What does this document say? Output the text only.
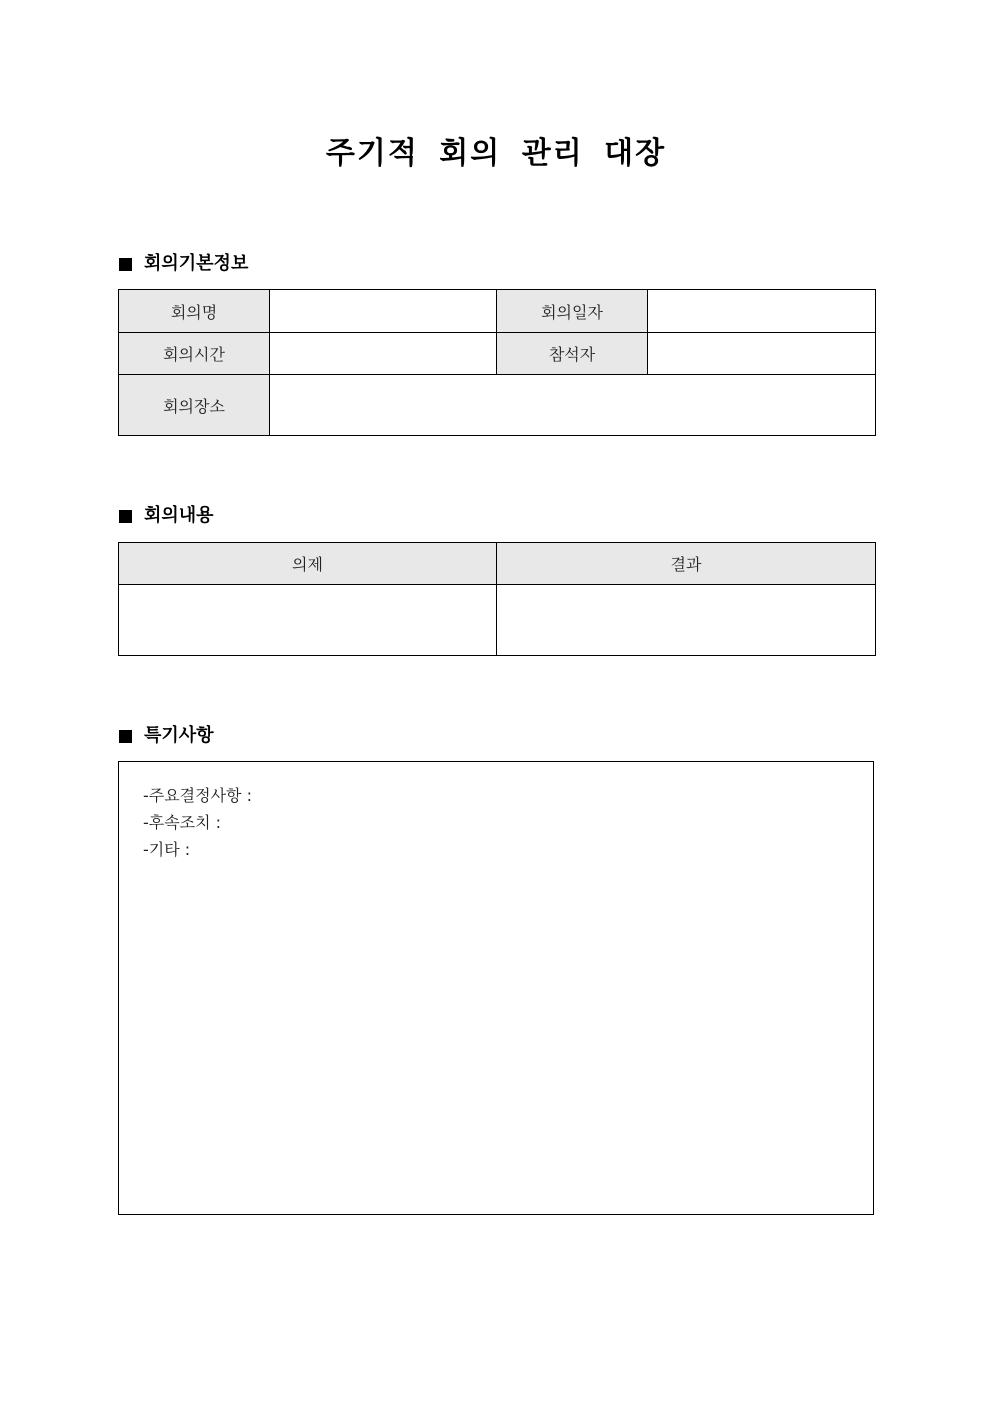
주기적 회의 관리 대장
회의기본정보
회의명		회의일자	
회의시간		참석자	
회의장소			
회의내용
의제	결과

특기사항
-주요결정사항 :
-후속조치 :
-기타 :
